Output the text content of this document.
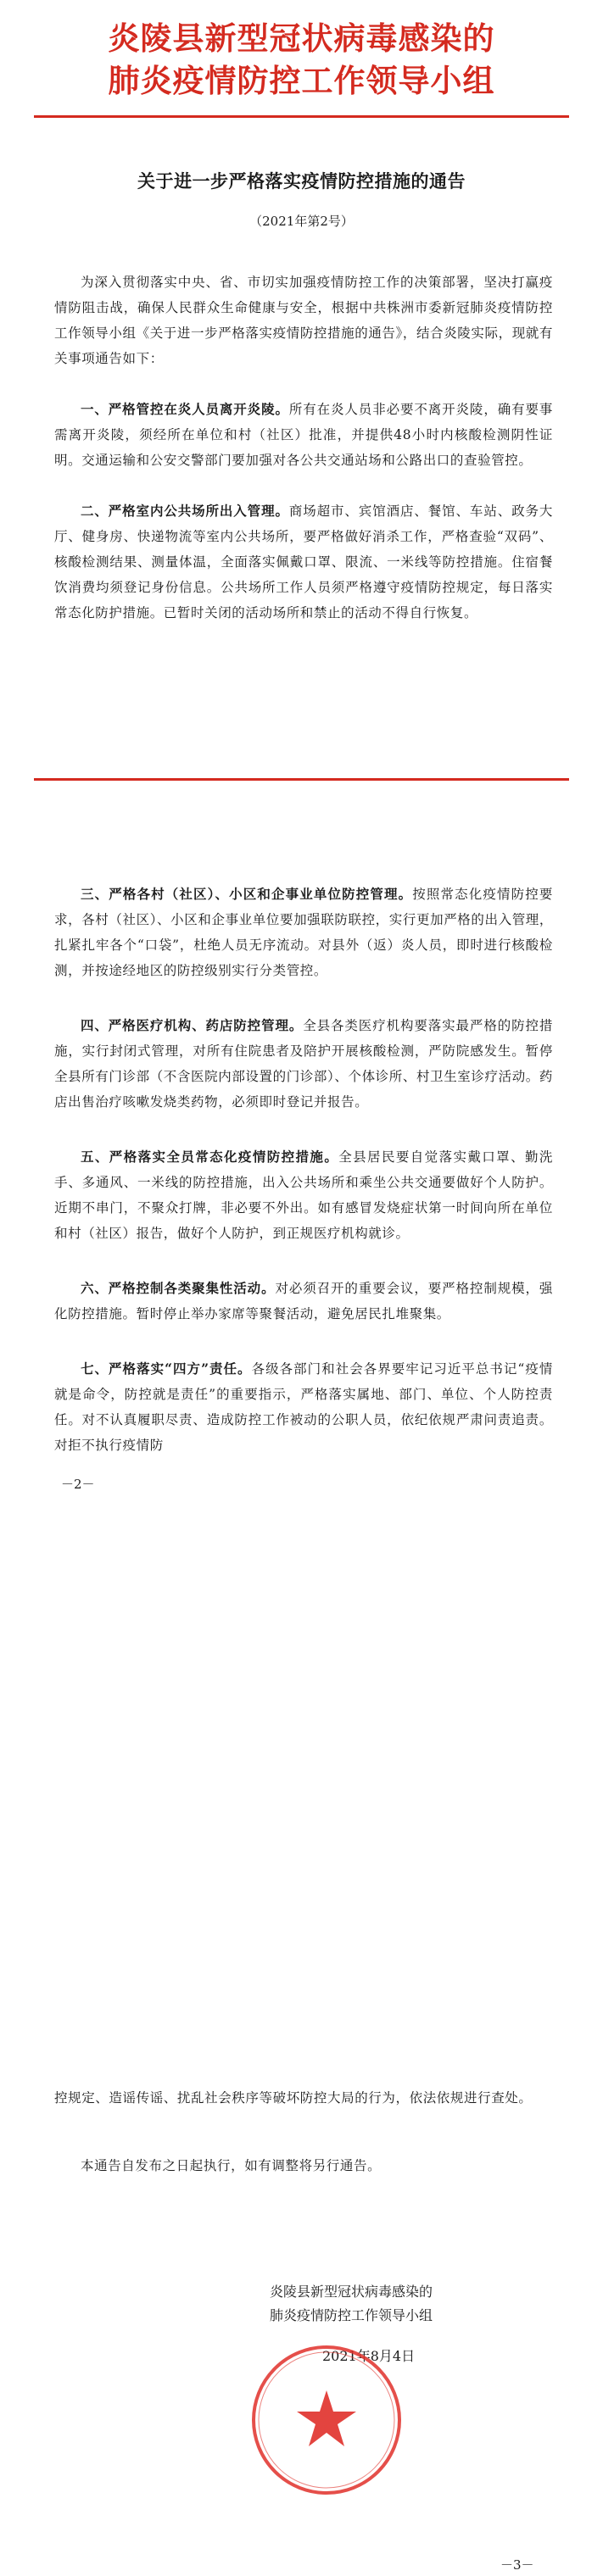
炎陵县新型冠状病毒感染的
肺炎疫情防控工作领导小组
关于进一步严格落实疫情防控措施的通告
（2021年第2号）

为深入贯彻落实中央、省、市切实加强疫情防控工作的决策部署，坚决打赢疫情防阻击战，确保人民群众生命健康与安全，根据中共株洲市委新冠肺炎疫情防控工作领导小组《关于进一步严格落实疫情防控措施的通告》，结合炎陵实际，现就有关事项通告如下：

一、严格管控在炎人员离开炎陵。所有在炎人员非必要不离开炎陵，确有要事需离开炎陵，须经所在单位和村（社区）批准，并提供48小时内核酸检测阴性证明。交通运输和公安交警部门要加强对各公共交通站场和公路出口的查验管控。

二、严格室内公共场所出入管理。商场超市、宾馆酒店、餐馆、车站、政务大厅、健身房、快递物流等室内公共场所，要严格做好消杀工作，严格查验“双码”、核酸检测结果、测量体温，全面落实佩戴口罩、限流、一米线等防控措施。住宿餐饮消费均须登记身份信息。公共场所工作人员须严格遵守疫情防控规定，每日落实常态化防护措施。已暂时关闭的活动场所和禁止的活动不得自行恢复。

三、严格各村（社区）、小区和企事业单位防控管理。按照常态化疫情防控要求，各村（社区）、小区和企事业单位要加强联防联控，实行更加严格的出入管理，扎紧扎牢各个“口袋”，杜绝人员无序流动。对县外（返）炎人员，即时进行核酸检测，并按途经地区的防控级别实行分类管控。

四、严格医疗机构、药店防控管理。全县各类医疗机构要落实最严格的防控措施，实行封闭式管理，对所有住院患者及陪护开展核酸检测，严防院感发生。暂停全县所有门诊部（不含医院内部设置的门诊部）、个体诊所、村卫生室诊疗活动。药店出售治疗咳嗽发烧类药物，必须即时登记并报告。

五、严格落实全员常态化疫情防控措施。全县居民要自觉落实戴口罩、勤洗手、多通风、一米线的防控措施，出入公共场所和乘坐公共交通要做好个人防护。近期不串门，不聚众打牌，非必要不外出。如有感冒发烧症状第一时间向所在单位和村（社区）报告，做好个人防护，到正规医疗机构就诊。

六、严格控制各类聚集性活动。对必须召开的重要会议，要严格控制规模，强化防控措施。暂时停止举办家席等聚餐活动，避免居民扎堆聚集。

七、严格落实“四方”责任。各级各部门和社会各界要牢记习近平总书记“疫情就是命令，防控就是责任”的重要指示，严格落实属地、部门、单位、个人防控责任。对不认真履职尽责、造成防控工作被动的公职人员，依纪依规严肃问责追责。对拒不执行疫情防

－2－

控规定、造谣传谣、扰乱社会秩序等破坏防控大局的行为，依法依规进行查处。

本通告自发布之日起执行，如有调整将另行通告。

炎陵县新型冠状病毒感染的
肺炎疫情防控工作领导小组
2021年8月4日
－3－
